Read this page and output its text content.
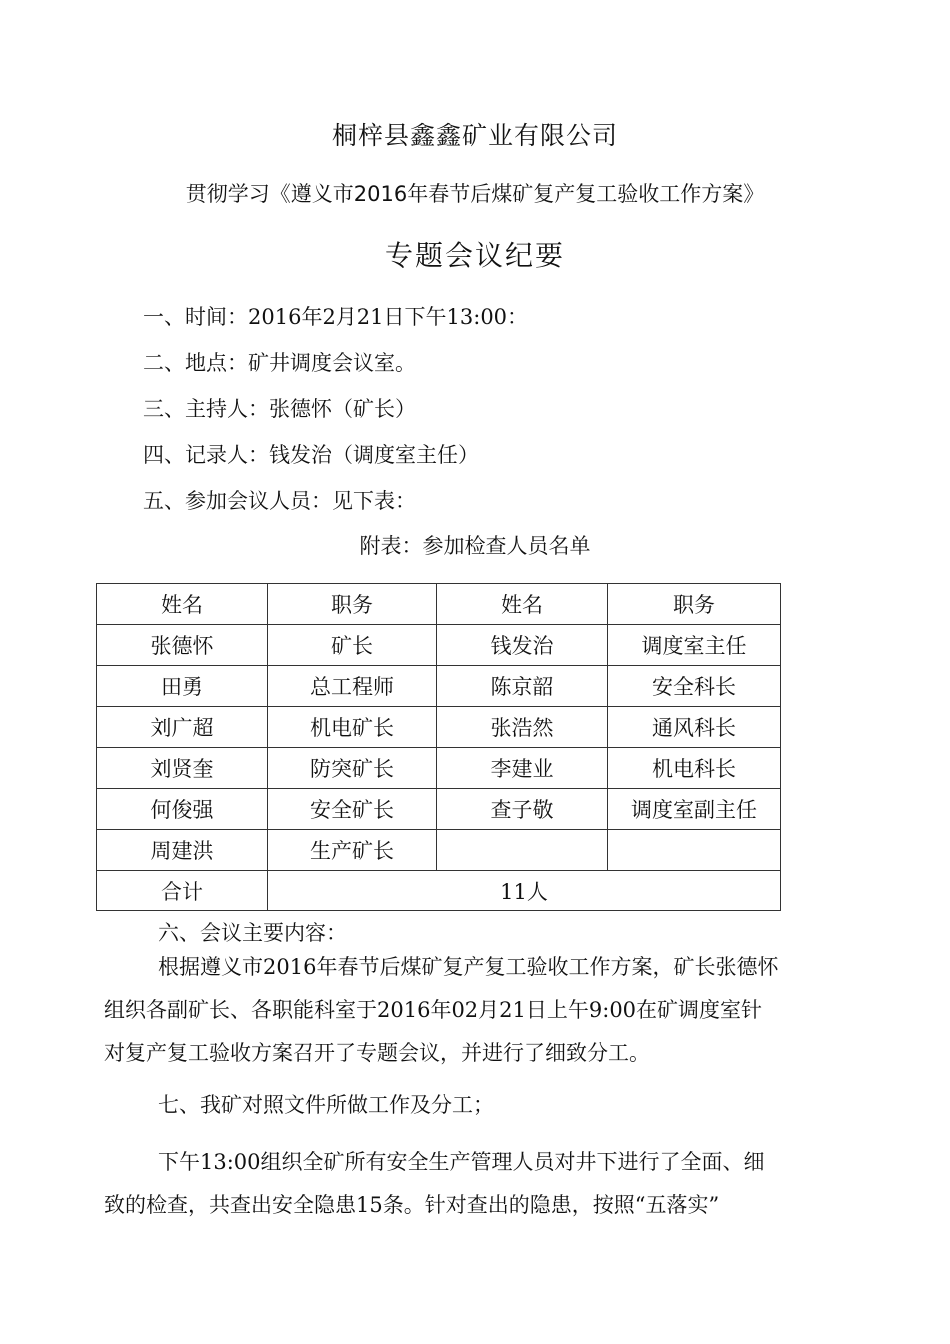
桐梓县鑫鑫矿业有限公司
贯彻学习《遵义市2016年春节后煤矿复产复工验收工作方案》
专题会议纪要
一、时间：2016年2月21日下午13:00：
二、地点：矿井调度会议室。
三、主持人：张德怀（矿长）
四、记录人：钱发治（调度室主任）
五、参加会议人员：见下表：
附表：参加检查人员名单
姓名	职务	姓名	职务
张德怀	矿长	钱发治	调度室主任
田勇	总工程师	陈京韶	安全科长
刘广超	机电矿长	张浩然	通风科长
刘贤奎	防突矿长	李建业	机电科长
何俊强	安全矿长	查子敬	调度室副主任
周建洪	生产矿长		
合计	11人		
六、会议主要内容：
根据遵义市2016年春节后煤矿复产复工验收工作方案，矿长张德怀
组织各副矿长、各职能科室于2016年02月21日上午9:00在矿调度室针
对复产复工验收方案召开了专题会议，并进行了细致分工。
七、我矿对照文件所做工作及分工；
下午13:00组织全矿所有安全生产管理人员对井下进行了全面、细
致的检查，共查出安全隐患15条。针对查出的隐患，按照“五落实”
